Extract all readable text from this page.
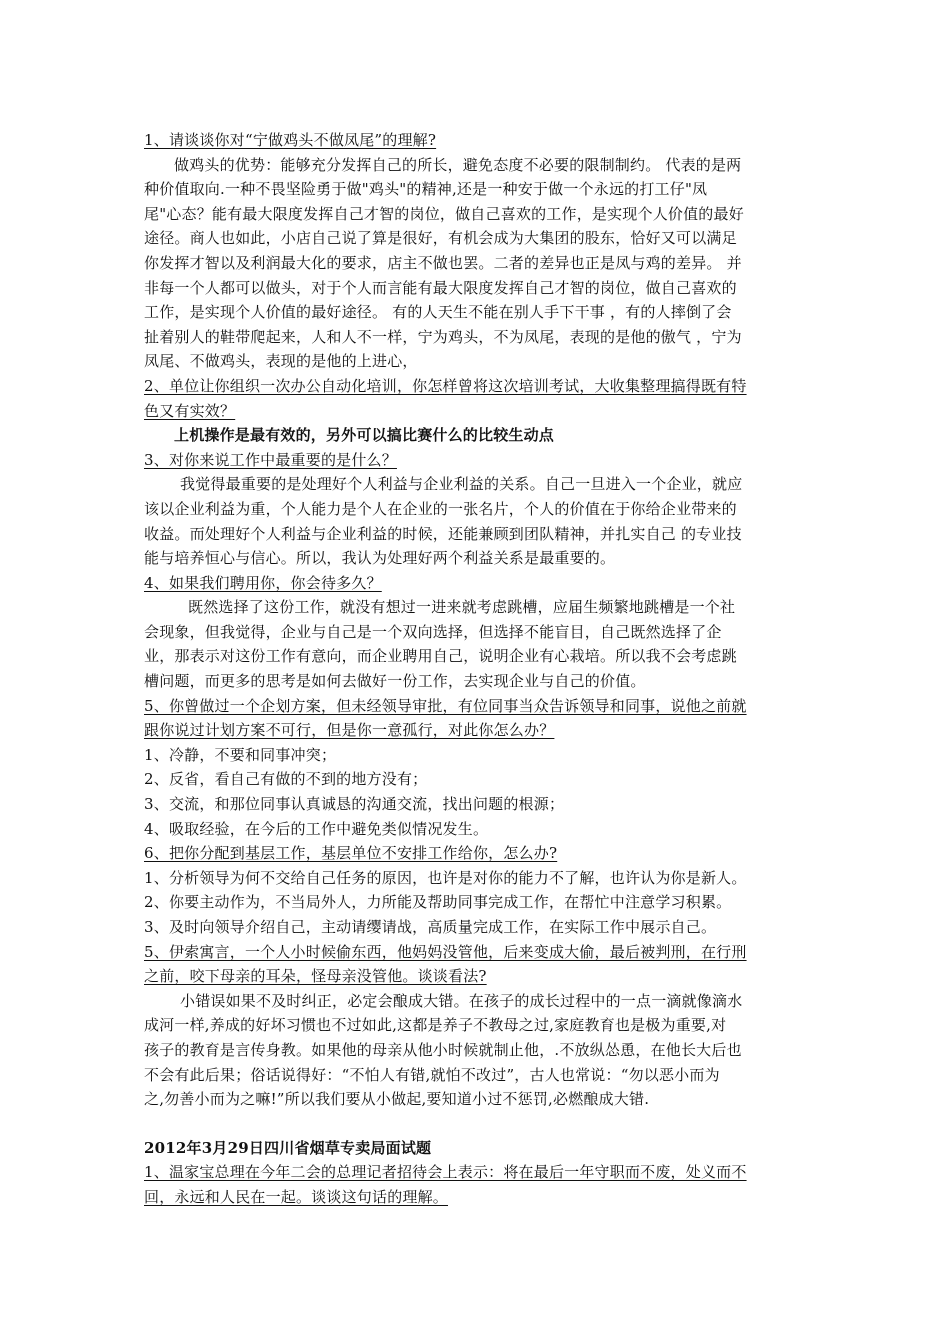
1、请谈谈你对“宁做鸡头不做凤尾”的理解?
做鸡头的优势：能够充分发挥自己的所长，避免态度不必要的限制制约。 代表的是两
种价值取向.一种不畏坚险勇于做"鸡头"的精神,还是一种安于做一个永远的打工仔"凤
尾"心态？能有最大限度发挥自己才智的岗位，做自己喜欢的工作，是实现个人价值的最好
途径。商人也如此，小店自己说了算是很好，有机会成为大集团的股东，恰好又可以满足
你发挥才智以及利润最大化的要求，店主不做也罢。二者的差异也正是凤与鸡的差异。 并
非每一个人都可以做头，对于个人而言能有最大限度发挥自己才智的岗位，做自己喜欢的
工作，是实现个人价值的最好途径。 有的人天生不能在别人手下干事 ，有的人摔倒了会
扯着别人的鞋带爬起来，人和人不一样，宁为鸡头，不为凤尾，表现的是他的傲气 ，宁为
凤尾、不做鸡头，表现的是他的上进心，
2、单位让你组织一次办公自动化培训，你怎样曾将这次培训考试，大收集整理搞得既有特
色又有实效？
上机操作是最有效的，另外可以搞比赛什么的比较生动点
3、对你来说工作中最重要的是什么？
我觉得最重要的是处理好个人利益与企业利益的关系。自己一旦进入一个企业，就应
该以企业利益为重，个人能力是个人在企业的一张名片，个人的价值在于你给企业带来的
收益。而处理好个人利益与企业利益的时候，还能兼顾到团队精神，并扎实自己 的专业技
能与培养恒心与信心。所以，我认为处理好两个利益关系是最重要的。
4、如果我们聘用你，你会待多久？
既然选择了这份工作，就没有想过一进来就考虑跳槽，应届生频繁地跳槽是一个社
会现象，但我觉得，企业与自己是一个双向选择，但选择不能盲目，自己既然选择了企
业，那表示对这份工作有意向，而企业聘用自己，说明企业有心栽培。所以我不会考虑跳
槽问题，而更多的思考是如何去做好一份工作，去实现企业与自己的价值。
5、你曾做过一个企划方案，但未经领导审批，有位同事当众告诉领导和同事，说他之前就
跟你说过计划方案不可行，但是你一意孤行，对此你怎么办？
1、冷静，不要和同事冲突；
2、反省，看自己有做的不到的地方没有；
3、交流，和那位同事认真诚恳的沟通交流，找出问题的根源；
4、吸取经验，在今后的工作中避免类似情况发生。
6、把你分配到基层工作，基层单位不安排工作给你，怎么办?
1、分析领导为何不交给自己任务的原因，也许是对你的能力不了解，也许认为你是新人。
2、你要主动作为，不当局外人，力所能及帮助同事完成工作，在帮忙中注意学习积累。
3、及时向领导介绍自己，主动请缨请战，高质量完成工作，在实际工作中展示自己。
5、伊索寓言，一个人小时候偷东西，他妈妈没管他，后来变成大偷，最后被判刑，在行刑
之前，咬下母亲的耳朵，怪母亲没管他。谈谈看法?
小错误如果不及时纠正，必定会酿成大错。在孩子的成长过程中的一点一滴就像滴水
成河一样,养成的好坏习惯也不过如此,这都是养子不教母之过,家庭教育也是极为重要,对
孩子的教育是言传身教。如果他的母亲从他小时候就制止他，.不放纵怂恿，在他长大后也
不会有此后果；俗话说得好：“不怕人有错,就怕不改过”，古人也常说：“勿以恶小而为
之,勿善小而为之嘛!”所以我们要从小做起,要知道小过不惩罚,必燃酿成大错.
2012年3月29日四川省烟草专卖局面试题
1、温家宝总理在今年二会的总理记者招待会上表示：将在最后一年守职而不废，处义而不
回，永远和人民在一起。谈谈这句话的理解。
